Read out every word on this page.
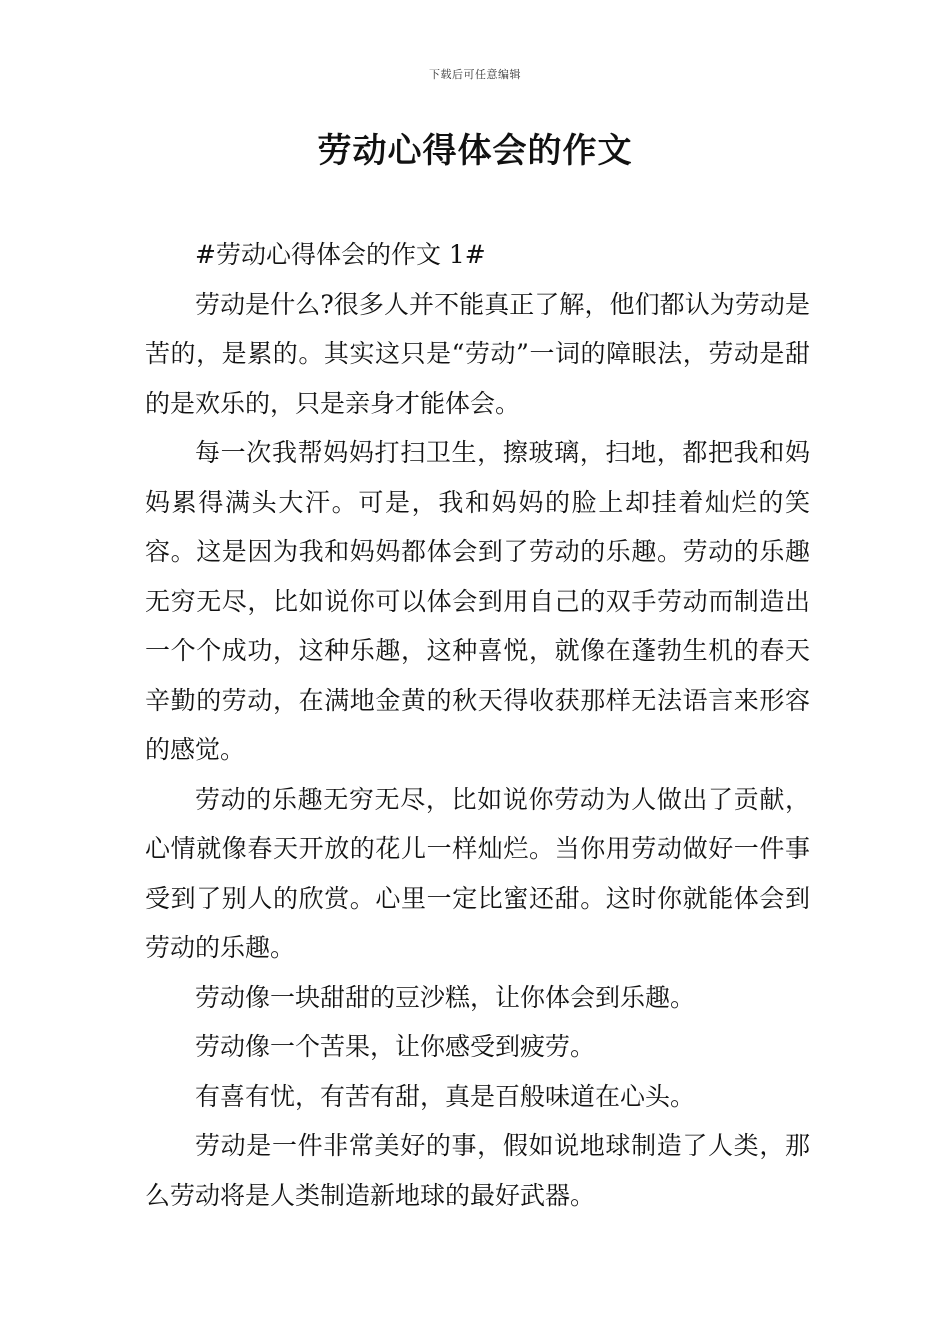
下载后可任意编辑
劳动心得体会的作文

#劳动心得体会的作文 1#

劳动是什么?很多人并不能真正了解，他们都认为劳动是苦的，是累的。其实这只是“劳动”一词的障眼法，劳动是甜的是欢乐的，只是亲身才能体会。

每一次我帮妈妈打扫卫生，擦玻璃，扫地，都把我和妈妈累得满头大汗。可是，我和妈妈的脸上却挂着灿烂的笑容。这是因为我和妈妈都体会到了劳动的乐趣。劳动的乐趣无穷无尽，比如说你可以体会到用自己的双手劳动而制造出一个个成功，这种乐趣，这种喜悦，就像在蓬勃生机的春天辛勤的劳动，在满地金黄的秋天得收获那样无法语言来形容的感觉。

劳动的乐趣无穷无尽，比如说你劳动为人做出了贡献，心情就像春天开放的花儿一样灿烂。当你用劳动做好一件事受到了别人的欣赏。心里一定比蜜还甜。这时你就能体会到劳动的乐趣。

劳动像一块甜甜的豆沙糕，让你体会到乐趣。

劳动像一个苦果，让你感受到疲劳。

有喜有忧，有苦有甜，真是百般味道在心头。

劳动是一件非常美好的事，假如说地球制造了人类，那么劳动将是人类制造新地球的最好武器。
